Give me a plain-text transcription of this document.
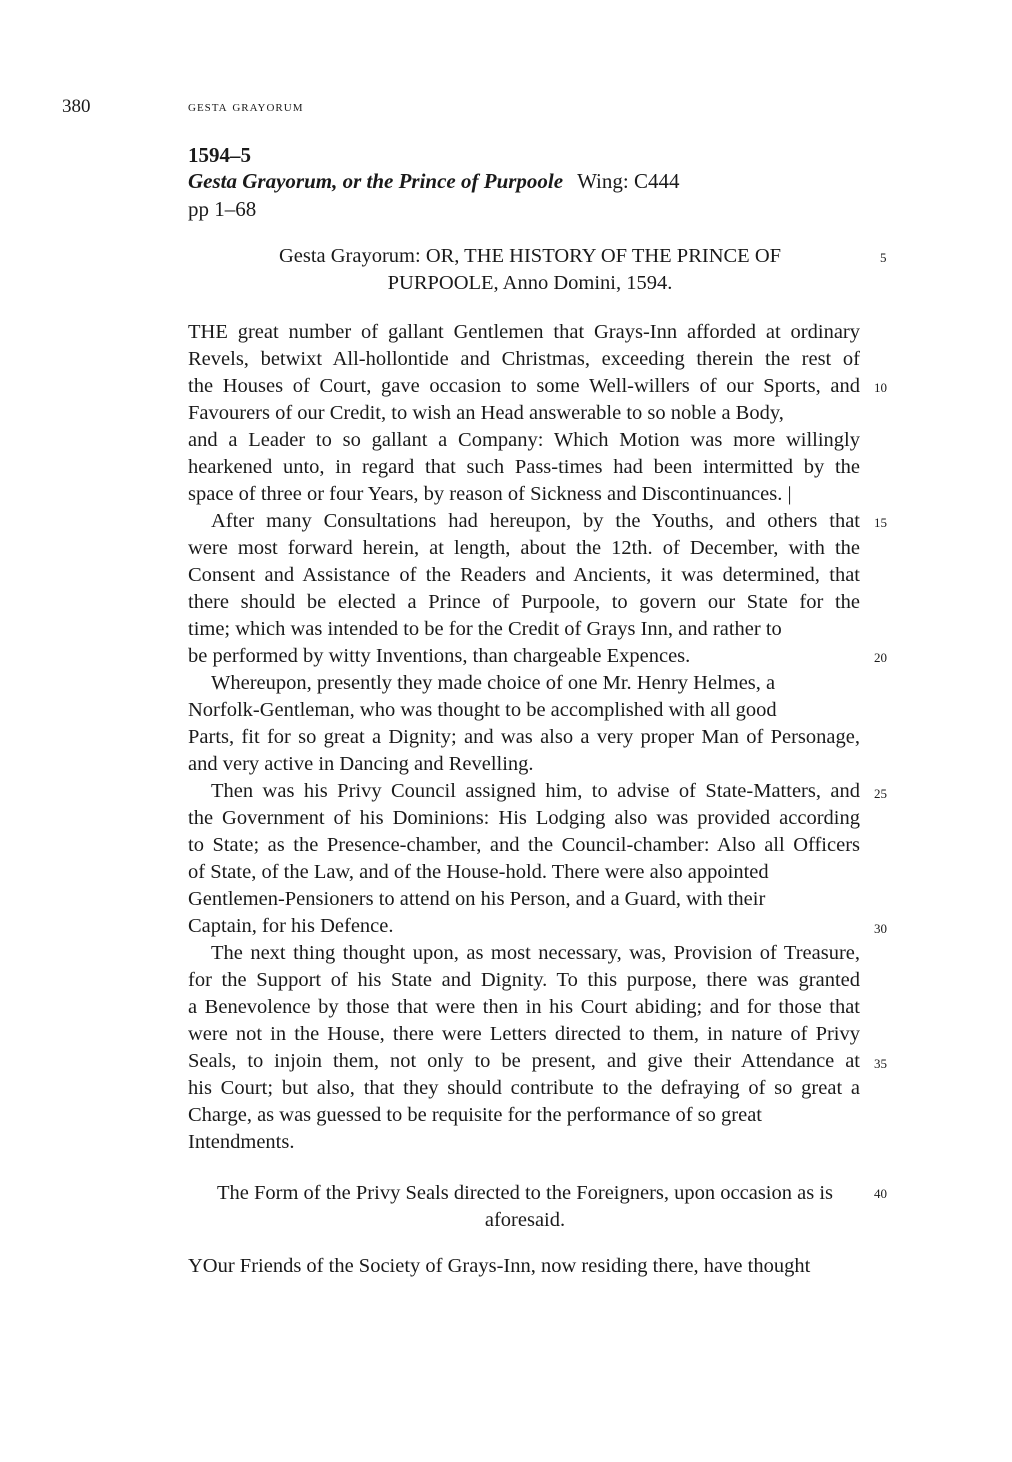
380	gesta grayorum
1594–5
Gesta Grayorum, or the Prince of Purpoole Wing: C444
pp 1–68
Gesta Grayorum: OR, THE HISTORY OF THE PRINCE OF
PURPOOLE, Anno Domini, 1594.
THE great number of gallant Gentlemen that Grays-Inn afforded at ordinary
Revels, betwixt All-hollontide and Christmas, exceeding therein the rest of
the Houses of Court, gave occasion to some Well-willers of our Sports, and
Favourers of our Credit, to wish an Head answerable to so noble a Body,
and a Leader to so gallant a Company: Which Motion was more willingly
hearkened unto, in regard that such Pass-times had been intermitted by the
space of three or four Years, by reason of Sickness and Discontinuances. |
After many Consultations had hereupon, by the Youths, and others that
were most forward herein, at length, about the 12th. of December, with the
Consent and Assistance of the Readers and Ancients, it was determined, that
there should be elected a Prince of Purpoole, to govern our State for the
time; which was intended to be for the Credit of Grays Inn, and rather to
be performed by witty Inventions, than chargeable Expences.
Whereupon, presently they made choice of one Mr. Henry Helmes, a
Norfolk-Gentleman, who was thought to be accomplished with all good
Parts, fit for so great a Dignity; and was also a very proper Man of Personage,
and very active in Dancing and Revelling.
Then was his Privy Council assigned him, to advise of State-Matters, and
the Government of his Dominions: His Lodging also was provided according
to State; as the Presence-chamber, and the Council-chamber: Also all Officers
of State, of the Law, and of the House-hold. There were also appointed
Gentlemen-Pensioners to attend on his Person, and a Guard, with their
Captain, for his Defence.
The next thing thought upon, as most necessary, was, Provision of Treasure,
for the Support of his State and Dignity. To this purpose, there was granted
a Benevolence by those that were then in his Court abiding; and for those that
were not in the House, there were Letters directed to them, in nature of Privy
Seals, to injoin them, not only to be present, and give their Attendance at
his Court; but also, that they should contribute to the defraying of so great a
Charge, as was guessed to be requisite for the performance of so great
Intendments.
The Form of the Privy Seals directed to the Foreigners, upon occasion as is
aforesaid.
YOur Friends of the Society of Grays-Inn, now residing there, have thought
5
10
15
20
25
30
35
40
